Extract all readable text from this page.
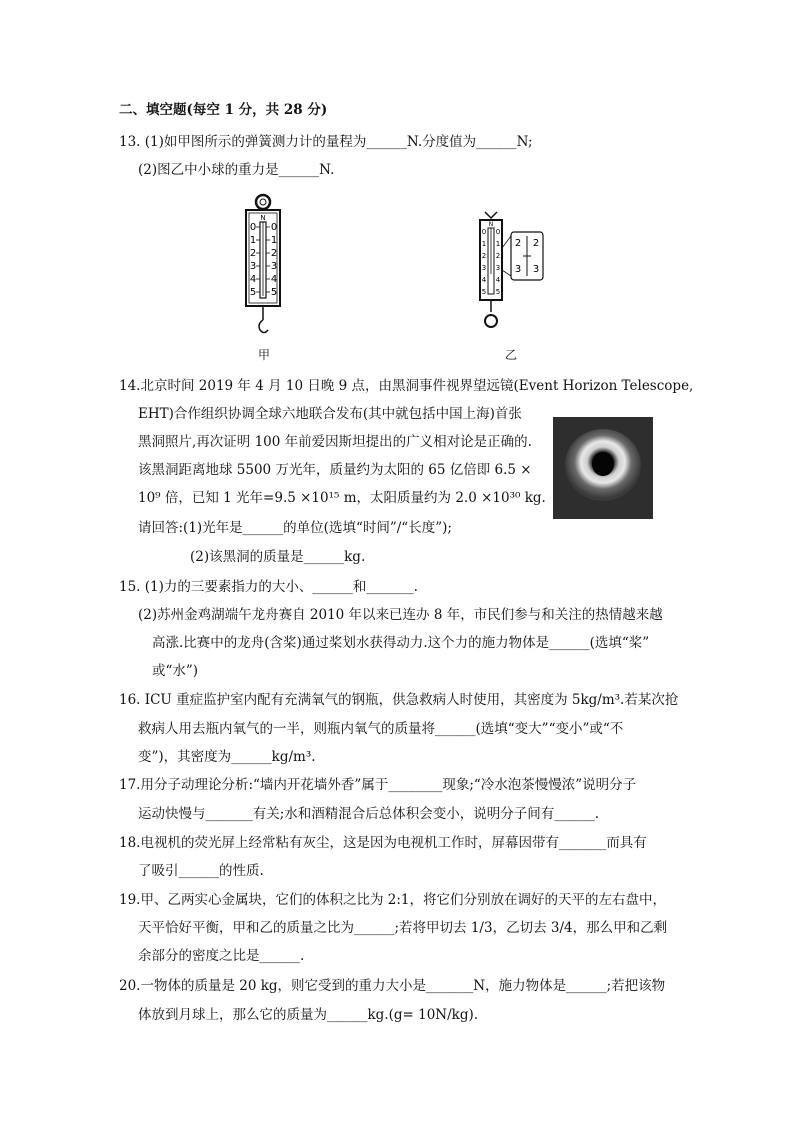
二、填空题(每空 1 分，共 28 分)
13. (1)如甲图所示的弹簧测力计的量程为______N.分度值为______N;
(2)图乙中小球的重力是______N.
N
0
1
2
3
4
5
0
1
2
3
4
5
甲
N
0
1
2
3
4
5
0
1
2
3
4
5
2 2
3 3
乙
14.北京时间 2019 年 4 月 10 日晚 9 点，由黑洞事件视界望远镜(Event Horizon Telescope,
EHT)合作组织协调全球六地联合发布(其中就包括中国上海)首张
黑洞照片,再次证明 100 年前爱因斯坦提出的广义相对论是正确的.
该黑洞距离地球 5500 万光年，质量约为太阳的 65 亿倍即 6.5 ×
10⁹ 倍，已知 1 光年=9.5 ×10¹⁵ m，太阳质量约为 2.0 ×10³⁰ kg.
请回答:(1)光年是______的单位(选填“时间”/“长度”);
(2)该黑洞的质量是______kg.
15. (1)力的三要素指力的大小、______和_______.
(2)苏州金鸡湖端午龙舟赛自 2010 年以来已连办 8 年，市民们参与和关注的热情越来越
高涨.比赛中的龙舟(含桨)通过桨划水获得动力.这个力的施力物体是______(选填“桨”
或“水”)
16. ICU 重症监护室内配有充满氧气的钢瓶，供急救病人时使用，其密度为 5kg/m³.若某次抢
救病人用去瓶内氧气的一半，则瓶内氧气的质量将______(选填“变大”“变小”或“不
变”)，其密度为______kg/m³.
17.用分子动理论分析:“墙内开花墙外香”属于________现象;“冷水泡茶慢慢浓”说明分子
运动快慢与_______有关;水和酒精混合后总体积会变小，说明分子间有______.
18.电视机的荧光屏上经常粘有灰尘，这是因为电视机工作时，屏幕因带有_______而具有
了吸引______的性质.
19.甲、乙两实心金属块，它们的体积之比为 2:1，将它们分别放在调好的天平的左右盘中，
天平恰好平衡，甲和乙的质量之比为______;若将甲切去 1/3，乙切去 3/4，那么甲和乙剩
余部分的密度之比是______.
20.一物体的质量是 20 kg，则它受到的重力大小是_______N，施力物体是______;若把该物
体放到月球上，那么它的质量为______kg.(g= 10N/kg).
